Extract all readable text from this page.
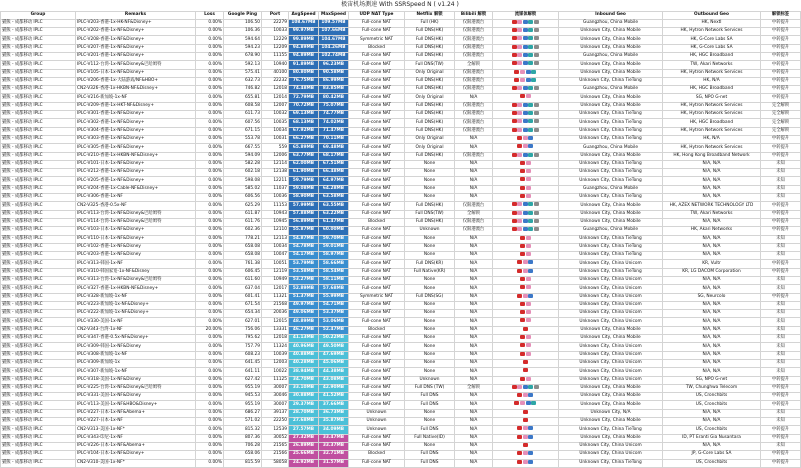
极宙机场测速 With SSRSpeed N ( v1.24 )
Group	Remarks	Loss	Google Ping	Port	AvgSpeed	MaxSpeed	UDP NAT Type	Netflix 解锁	Bilibili 解锁	流媒体解锁	Inbound Geo	Outbound Geo	解锁标签
猫熊 - 成都移动 IPLC	IPLC-V203-香港-1x-HK-NF&Disney+	0.00%	106.50	22279	108.67MB	109.57MB	Full-cone NAT	Full (HK)	仅限港澳台		Guangzhou, China Mobile	HK, Nextl	中转提升
猫熊 - 成都移动 IPLC	IPLC-V202-香港-1x-NF&Disney+	0.00%	106.36	10033	99.97MB	107.66MB	Full-cone NAT	Full DNS(HK)	仅限港澳台		Unknown City, China Mobile	HK, Hytron Network Services	中转提升
猫熊 - 成都移动 IPLC	IPLC-V208-香港-1x-NF&Disney+	0.00%	594.64	12229	99.89MB	104.67MB	Symmetric NAT	Full DNS(HK)	仅限港澳台		Unknown City, China Mobile	HK, G-Core Labs SA	中转提升
猫熊 - 成都移动 IPLC	IPLC-V207-香港-1x-NF&Disney+	0.00%	594.23	12209	94.89MB	104.26MB	Blocked	Full DNS(HK)	仅限港澳台		Unknown City, China Mobile	HK, G-Core Labs SA	中转提升
猫熊 - 成都移动 IPLC	IPLC-V201-香港-1x-NF&Disney+	0.00%	678.90	11155	94.89MB	102.74MB	Full-cone NAT	Full DNS(HK)	仅限港澳台		Guangzhou, China Mobile	HK, HGC Broadband	中转提升
猫熊 - 成都移动 IPLC	IPLC-V112-台湾-1x-NF&Disney&巴哈姆特	0.00%	592.13	10940	91.89MB	96.23MB	Full-cone NAT	Full DNS(TW)	全解锁		Unknown City, China Mobile	TW, Akari Networks	中转提升
猫熊 - 成都移动 IPLC	IPLC-V105-日本-1x-NF&Disney+	0.00%	575.41	40100	80.80MB	90.58MB	Full-cone NAT	Only Original	仅限港澳台		Unknown City, China Mobile	HK, Hytron Network Services	中转提升
猫熊 - 成都移动 IPLC	IPLC-V206-香港-1x-大陆游戏/NF&HBO+	0.00%	632.73	22232	76.75MB	86.99MB	Full-cone NAT	Full DNS(HK)	仅限港澳台		Unknown City, China TieTong	HK, N/A	中转提升
猫熊 - 成都移动 IPLC	CN2-V326-香港-1x-HKBN-NF&Disney+	0.00%	746.82	12018	74.48MB	83.85MB	Full-cone NAT	Full DNS(HK)	仅限港澳台		Guangzhou, China Mobile	HK, HGC Broadband	中转提升
猫熊 - 成都移动 IPLC	IPLC-V216-新加坡-1x-NF	0.00%	655.81	12014	72.79MB	80.42MB	Full-cone NAT	Only Original	N/A		Unknown City, China Mobile	SG, NPO G-net	中转提升
猫熊 - 成都移动 IPLC	IPLC-V209-香港-1x-HKT-NF&Disney+	0.00%	608.58	12007	70.72MB	75.07MB	Full-cone NAT	Full DNS(HK)	仅限港澳台		Unknown City, China Mobile	HK, Hytron Network Services	完全解锁
猫熊 - 成都移动 IPLC	IPLC-V301-香港-1x-NF&Disney+	0.00%	611.73	10032	69.13MB	74.77MB	Full-cone NAT	Full DNS(HK)	仅限港澳台		Unknown City, China TieTong	HK, Hytron Network Services	完全解锁
猫熊 - 成都移动 IPLC	IPLC-V302-香港-1x-NF&Disney+	0.00%	607.56	10035	68.13MB	74.02MB	Full-cone NAT	Full DNS(HK)	仅限港澳台		Unknown City, China TieTong	HK, HGC Broadband	完全解锁
猫熊 - 成都移动 IPLC	IPLC-V304-香港-1x-NF&Disney+	0.00%	671.15	10034	67.92MB	71.47MB	Full-cone NAT	Full DNS(HK)	仅限港澳台		Unknown City, China TieTong	HK, Hytron Network Services	完全解锁
猫熊 - 成都移动 IPLC	IPLC-V303-香港-1x-NF&Disney+	0.00%	553.78	10031	66.27MB	70.11MB	Full-cone NAT	Only Original	N/A		Unknown City, China TieTong	HK, N/A	中转提升
猫熊 - 成都移动 IPLC	IPLC-V305-香港-1x-NF&Disney+	0.00%	667.55	559	65.89MB	69.48MB	Full-cone NAT	Only Original	N/A		Guangzhou, China Mobile	HK, Hytron Network Services	中转提升
猫熊 - 成都移动 IPLC	IPLC-V210-香港-1x-HKBN-NF&Disney+	0.00%	594.09	12006	63.77MB	68.17MB	Full-cone NAT	Full DNS(HK)	仅限港澳台		Unknown City, China Mobile	HK, Hong Kong Broadband Network	中转提升
猫熊 - 成都移动 IPLC	IPLC-V101-日本-1x-NF&Disney+	0.00%	582.28	12114	62.00MB	67.51MB	Full-cone NAT	None	N/A		Unknown City, China TieTong	N/A, N/A	未知
猫熊 - 成都移动 IPLC	IPLC-V212-香港-1x-NF&Disney+	0.00%	602.18	12138	61.90MB	66.48MB	Full-cone NAT	None	N/A		Unknown City, China TieTong	N/A, N/A	未知
猫熊 - 成都移动 IPLC	IPLC-V205-香港-1x-NF&Disney+	0.00%	598.08	12211	59.79MB	64.97MB	Full-cone NAT	None	N/A		Unknown City, China TieTong	N/A, N/A	未知
猫熊 - 成都移动 IPLC	IPLC-V204-香港-1x-Cable-NF&Disney+	0.00%	585.02	11037	59.08MB	64.28MB	Full-cone NAT	None	N/A		Guangzhou, China Mobile	N/A, N/A	未知
猫熊 - 成都移动 IPLC	IPLC-V306-香港-1x-NF	0.00%	606.56	10036	58.90MB	63.58MB	Full-cone NAT	None	N/A		Unknown City, China TieTong	N/A, N/A	未知
猫熊 - 成都移动 IPLC	CN2-V325-香港-0.5x-NF	0.00%	625.29	11153	57.99MB	63.55MB	Full-cone NAT	Full DNS(HK)	仅限港澳台		Unknown City, China Mobile	HK, AZEX NETWORK TECHNOLOGY LTD	中转提升
猫熊 - 成都移动 IPLC	IPLC-V113-台湾-1x-NF&Disney&巴哈姆特	0.00%	611.87	10943	57.88MB	63.22MB	Full-cone NAT	Full DNS(TW)	全解锁		Unknown City, China Mobile	TW, Akari Networks	中转提升
猫熊 - 成都移动 IPLC	IPLC-V114-台湾-1x-NF&Disney&巴哈姆特	0.00%	611.76	10945	56.89MB	61.47MB	Blocked	Full DNS(HK)	仅限港澳台		Unknown City, China Mobile	N/A, N/A	中转提升
猫熊 - 成都移动 IPLC	IPLC-V103-日本-1x-NF&Disney+	0.00%	602.36	12110	55.87MB	60.00MB	Full-cone NAT	Unknown	仅限港澳台		Guangzhou, China Mobile	HK, Akari Networks	中转提升
猫熊 - 成都移动 IPLC	IPLC-V110-日本-1x-NF&Disney+	0.00%	778.21	12113	54.87MB	59.70MB	Full-cone NAT	None	N/A		Unknown City, China TieTong	N/A, N/A	未知
猫熊 - 成都移动 IPLC	IPLC-V102-香港-1x-NF&Disney	0.00%	658.08	10034	54.78MB	59.01MB	Full-cone NAT	None	N/A		Unknown City, China TieTong	N/A, N/A	未知
猫熊 - 成都移动 IPLC	IPLC-V203-香港-1x-NF&Disney	0.00%	658.08	10047	54.17MB	58.97MB	Full-cone NAT	None	N/A		Unknown City, China TieTong	N/A, N/A	未知
猫熊 - 成都移动 IPLC	IPLC-V313-韩国-1x-NF	0.00%	761.38	10051	53.79MB	58.66MB	Full-cone NAT	Full DNS(KR)	N/A		Unknown City, China Unicom	KR, Vultr	中转提升
猫熊 - 成都移动 IPLC	IPLC-V310-韩国家宽-1x-NF&Disney	0.00%	606.45	12119	53.58MB	58.54MB	Full-cone NAT	Full Native(KR)	N/A		Unknown City, China TieTong	KR, LG DACOM Corporation	中转提升
猫熊 - 成都移动 IPLC	IPLC-V313-台湾-1x-NF&Disney&巴哈姆特	0.00%	611.60	10949	53.27MB	58.11MB	Full-cone NAT	None	N/A		Unknown City, China Unicom	N/A, N/A	未知
猫熊 - 成都移动 IPLC	IPLC-V327-香港-1x-HKBN-NF&Disney+	0.00%	637.04	12017	52.89MB	57.68MB	Full-cone NAT	None	N/A		Unknown City, China Unicom	N/A, N/A	未知
猫熊 - 成都移动 IPLC	IPLC-V328-新加坡-1x-NF	0.00%	601.41	11321	51.37MB	55.99MB	Symmetric NAT	Full DNS(SG)	N/A		Unknown City, China Unicom	SG, Neurcolo	中转提升
猫熊 - 成都移动 IPLC	IPLC-V223-新加坡-1x-NF&Disney+	0.00%	671.54	21568	49.97MB	54.71MB	Full-cone NAT	None	N/A		Unknown City, China Unicom	N/A, N/A	未知
猫熊 - 成都移动 IPLC	IPLC-V222-新加坡-1x-NF&Disney+	0.00%	654.34	20036	49.06MB	53.37MB	Full-cone NAT	None	N/A		Unknown City, China Unicom	N/A, N/A	未知
猫熊 - 成都移动 IPLC	IPLC-V330-美国-1x-NF	0.00%	627.01	12015	48.89MB	53.06MB	Full-cone NAT	None	N/A		Unknown City, China Unicom	N/A, N/A	未知
猫熊 - 成都移动 IPLC	CN2-V343-台湾-1x-NF	20.00%	756.06	13331	46.27MB	52.47MB	Blocked	None	N/A		Unknown City, China Mobile	N/A, N/A	未知
猫熊 - 成都移动 IPLC	IPLC-V347-香港-0.5x-NF&Disney+	0.00%	795.62	12018	41.13MB	50.22MB	Full-cone NAT	None	N/A		Unknown City, China Mobile	N/A, N/A	未知
猫熊 - 成都移动 IPLC	IPLC-V309-韩国-1x-NF&Disney	0.00%	757.79	11324	40.96MB	49.50MB	Full-cone NAT	None	N/A		Unknown City, China Unicom	N/A, N/A	未知
猫熊 - 成都移动 IPLC	IPLC-V308-新加坡-1x-NF	0.00%	608.23	10039	40.88MB	47.69MB	Full-cone NAT	None	N/A		Unknown City, China Unicom	N/A, N/A	未知
猫熊 - 成都移动 IPLC	IPLC-V309-新加坡-1x	0.00%	641.45	12003	40.28MB	45.06MB	Full-cone NAT	None	N/A		Unknown City, China Unicom	N/A, N/A	未知
猫熊 - 成都移动 IPLC	IPLC-V307-新加坡-1x-NF	0.00%	641.11	10022	38.94MB	44.38MB	Full-cone NAT	None	N/A		Unknown City, China Unicom	N/A, N/A	未知
猫熊 - 成都移动 IPLC	IPLC-V318-美国-1x-NF&Disney	0.00%	627.42	11125	34.70MB	43.08MB	Full-cone NAT	Unknown	N/A		Unknown City, China Unicom	SG, NPO G-net	中转提升
猫熊 - 成都移动 IPLC	IPLC-V225-台湾-1x-NF&Disney&巴哈姆特	0.00%	955.19	30007	33.10MB	42.90MB	Full-cone NAT	Full DNS (TW)	全解锁		Unknown City, China Mobile	TW, Chunghwa Telecom	中转提升
猫熊 - 成都移动 IPLC	IPLC-V331-美国-1x-NF&Disney	0.00%	945.53	30046	30.88MB	41.52MB	Full-cone NAT	Full DNS	N/A		Unknown City, China Mobile	US, Cronchbits	中转提升
猫熊 - 成都移动 IPLC	IPLC-V113-美国-1x-NF&HBO&Disney+	0.00%	955.19	30007	29.37MB	37.66MB	Full-cone NAT	Full DNS	N/A		Unknown City, China Mobile	US, Cronchbits	中转提升
猫熊 - 成都移动 IPLC	IPLC-V227-日本-1x-NF&Abema+	0.00%	686.27	39137	28.70MB	36.73MB	Unknown	None	N/A		Unknown City, N/A	N/A, N/A	未知
猫熊 - 成都移动 IPLC	IPLC-V227-日本-1x-NF	0.00%	571.02	22250	27.68MB	35.87MB	Unknown	None	N/A		Unknown City, China Mobile	N/A, N/A	未知
猫熊 - 成都移动 IPLC	CN2-V313-美国-1x-NF*	0.00%	815.32	12539	27.57MB	34.09MB	Unknown	Full DNS	N/A		Unknown City, China TieTong	US, Cronchbits	中转提升
猫熊 - 成都移动 IPLC	IPLC-V343-印尼-1x-NF	0.00%	807.36	30052	27.32MB	33.47MB	Full-cone NAT	Full Native(ID)	N/A		Unknown City, China Mobile	ID, PT Eranti Gia Nusantara	中转提升
猫熊 - 成都移动 IPLC	IPLC-V226-日本-1x-NF&Abema+	0.00%	706.28	21565	26.89MB	33.37MB	Full-cone NAT	None	N/A		Unknown City, China Unicom	N/A, N/A	未知
猫熊 - 成都移动 IPLC	IPLC-V104-日本-1x-NF&Disney+	0.00%	658.06	21566	25.66MB	32.71MB	Blocked	Full DNS	N/A		Unknown City, China Unicom	JP, G-Core Labs SA	中转提升
猫熊 - 成都移动 IPLC	CN2-V310-美国-1x-NF*	0.00%	815.59	58058	24.92MB	31.57MB	Full-cone NAT	Full DNS	N/A		Unknown City, China TieTong	US, Cronchbits	中转提升
